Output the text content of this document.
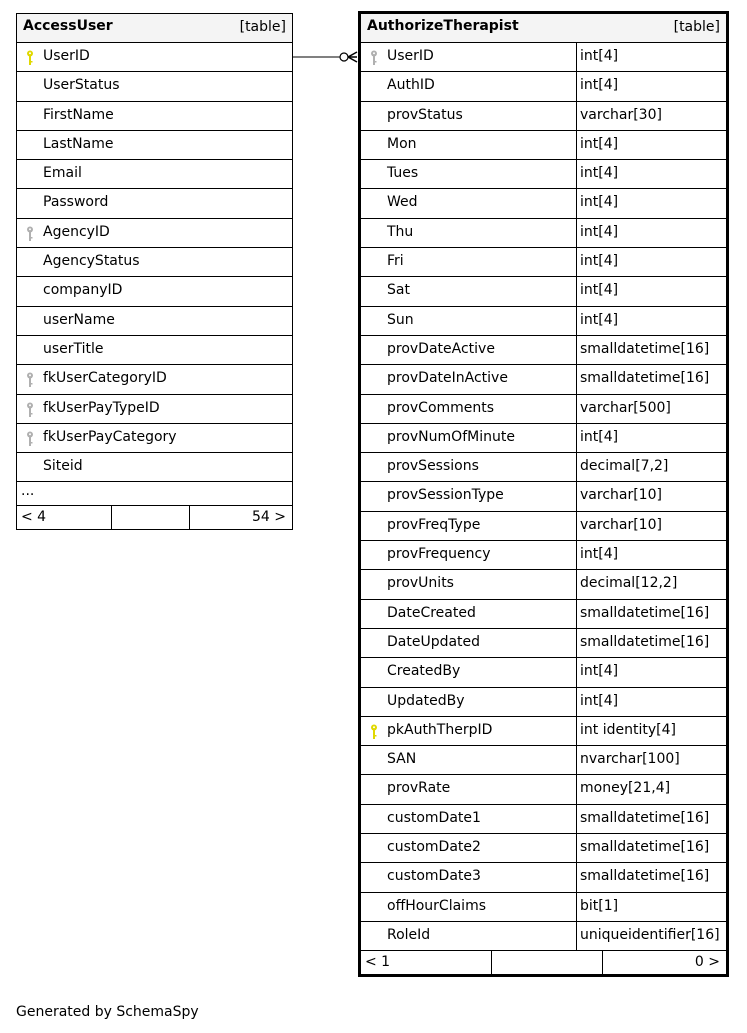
AccessUser	[table]
UserID
UserStatus
FirstName
LastName
Email
Password
AgencyID
AgencyStatus
companyID
userName
userTitle
fkUserCategoryID
fkUserPayTypeID
fkUserPayCategory
Siteid
...
< 4	54 >
AuthorizeTherapist	[table]
UserID	int[4]
AuthID	int[4]
provStatus	varchar[30]
Mon	int[4]
Tues	int[4]
Wed	int[4]
Thu	int[4]
Fri	int[4]
Sat	int[4]
Sun	int[4]
provDateActive	smalldatetime[16]
provDateInActive	smalldatetime[16]
provComments	varchar[500]
provNumOfMinute	int[4]
provSessions	decimal[7,2]
provSessionType	varchar[10]
provFreqType	varchar[10]
provFrequency	int[4]
provUnits	decimal[12,2]
DateCreated	smalldatetime[16]
DateUpdated	smalldatetime[16]
CreatedBy	int[4]
UpdatedBy	int[4]
pkAuthTherpID	int identity[4]
SAN	nvarchar[100]
provRate	money[21,4]
customDate1	smalldatetime[16]
customDate2	smalldatetime[16]
customDate3	smalldatetime[16]
offHourClaims	bit[1]
RoleId	uniqueidentifier[16]
< 1	0 >
Generated by SchemaSpy
